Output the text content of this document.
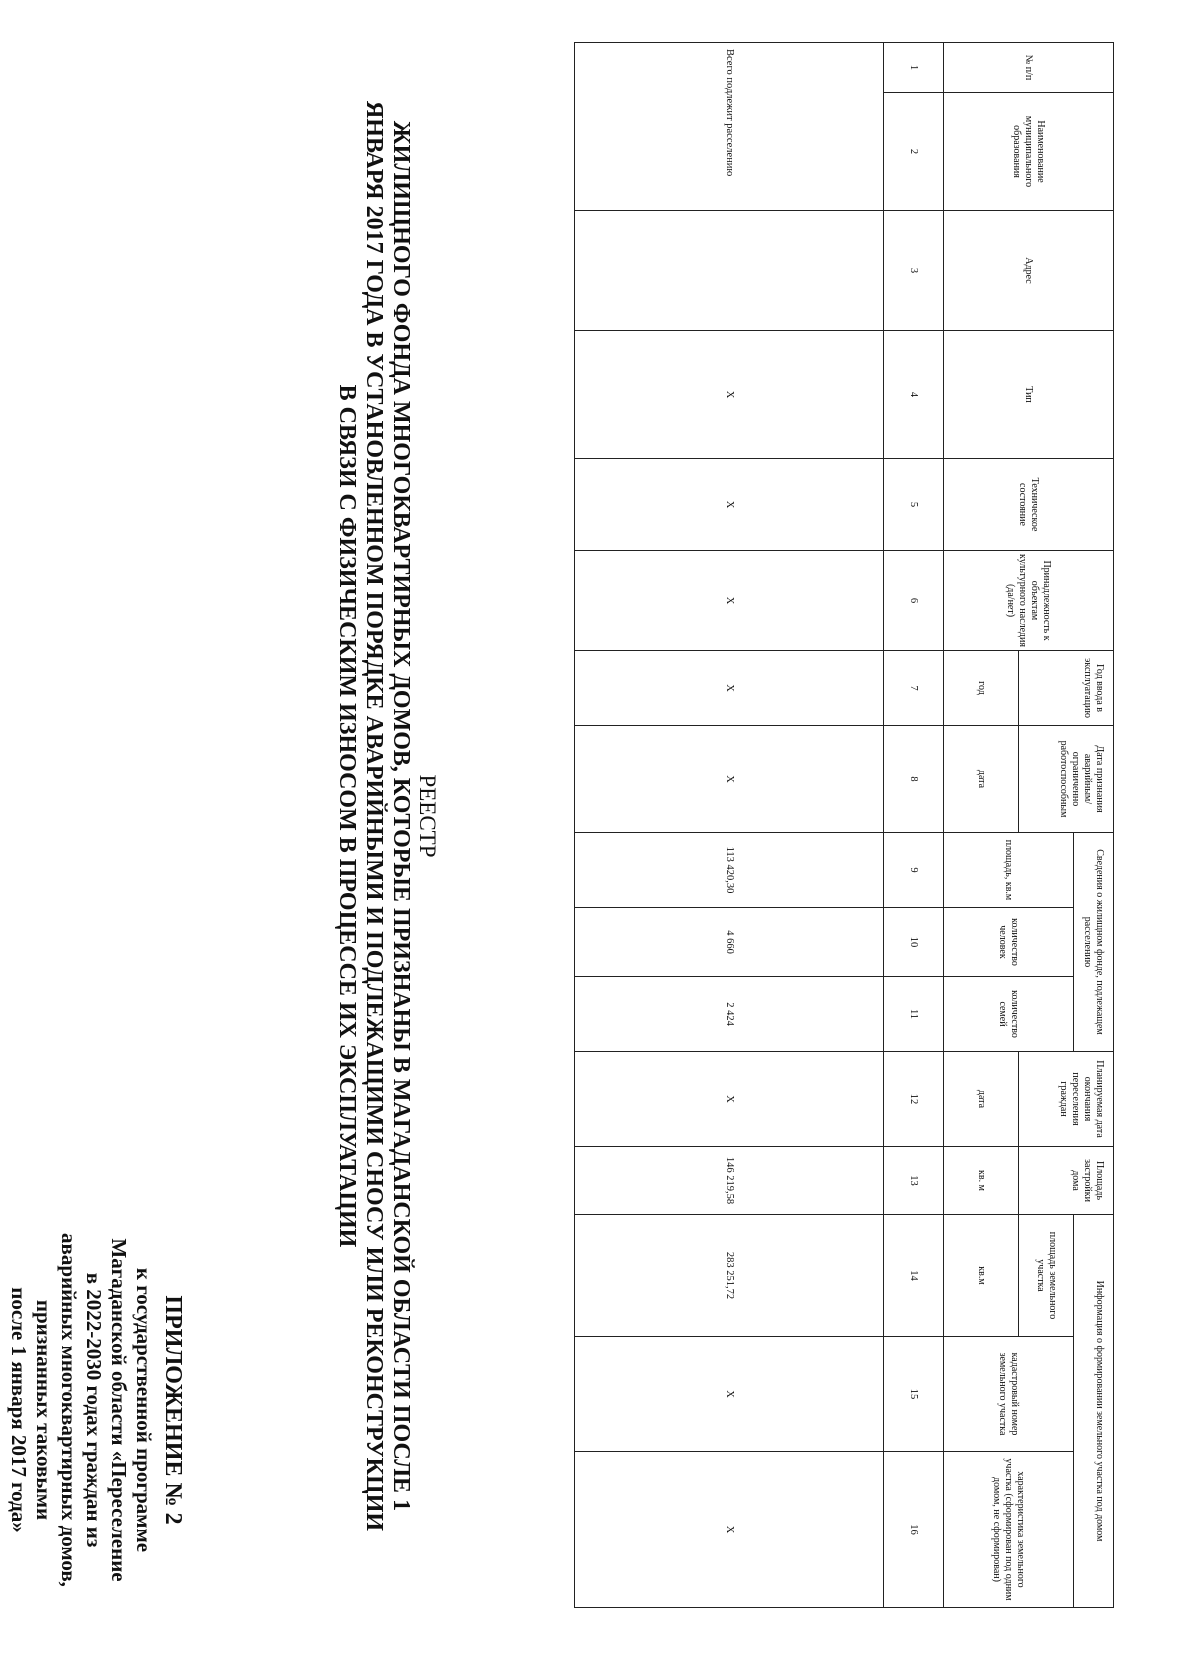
ПРИЛОЖЕНИЕ № 2
к государственной программе
Магаданской области «Переселение
в 2022-2030 годах граждан из
аварийных многоквартирных домов,
признанных таковыми
после 1 января 2017 года»
РЕЕСТР
ЖИЛИЩНОГО ФОНДА МНОГОКВАРТИРНЫХ ДОМОВ, КОТОРЫЕ ПРИЗНАНЫ В МАГАДАНСКОЙ ОБЛАСТИ ПОСЛЕ 1 ЯНВАРЯ 2017 ГОДА В УСТАНОВЛЕННОМ ПОРЯДКЕ АВАРИЙНЫМИ И ПОДЛЕЖАЩИМИ СНОСУ ИЛИ РЕКОНСТРУКЦИИ В СВЯЗИ С ФИЗИЧЕСКИМ ИЗНОСОМ В ПРОЦЕССЕ ИХ ЭКСПЛУАТАЦИИ
№ п/п	Наименование муниципального образования	Адрес	Тип	Техническое состояние	Принадлежность к объектам культурного наследия (да/нет)	Год ввода в эксплуатацию	Дата признания аварийным/ограниченно работоспособным	Сведения о жилищном фонде, подлежащем расселению			Планируемая дата окончания переселения граждан	Площадь застройки дома	Информация о формировании земельного участка под домом		
								площадь, кв.м	количество человек	количество семей			площадь земельного участка	кадастровый номер земельного участка	характеристика земельного участка (сформирован под одним домом, не сформирован)
						год	дата				дата	кв. м	кв.м		
1	2	3	4	5	6	7	8	9	10	11	12	13	14	15	16
Всего подлежит расселению			Х	Х	Х	Х	Х	113 420,30	4 660	2 424	Х	146 219,58	283 251,72	Х	Х
